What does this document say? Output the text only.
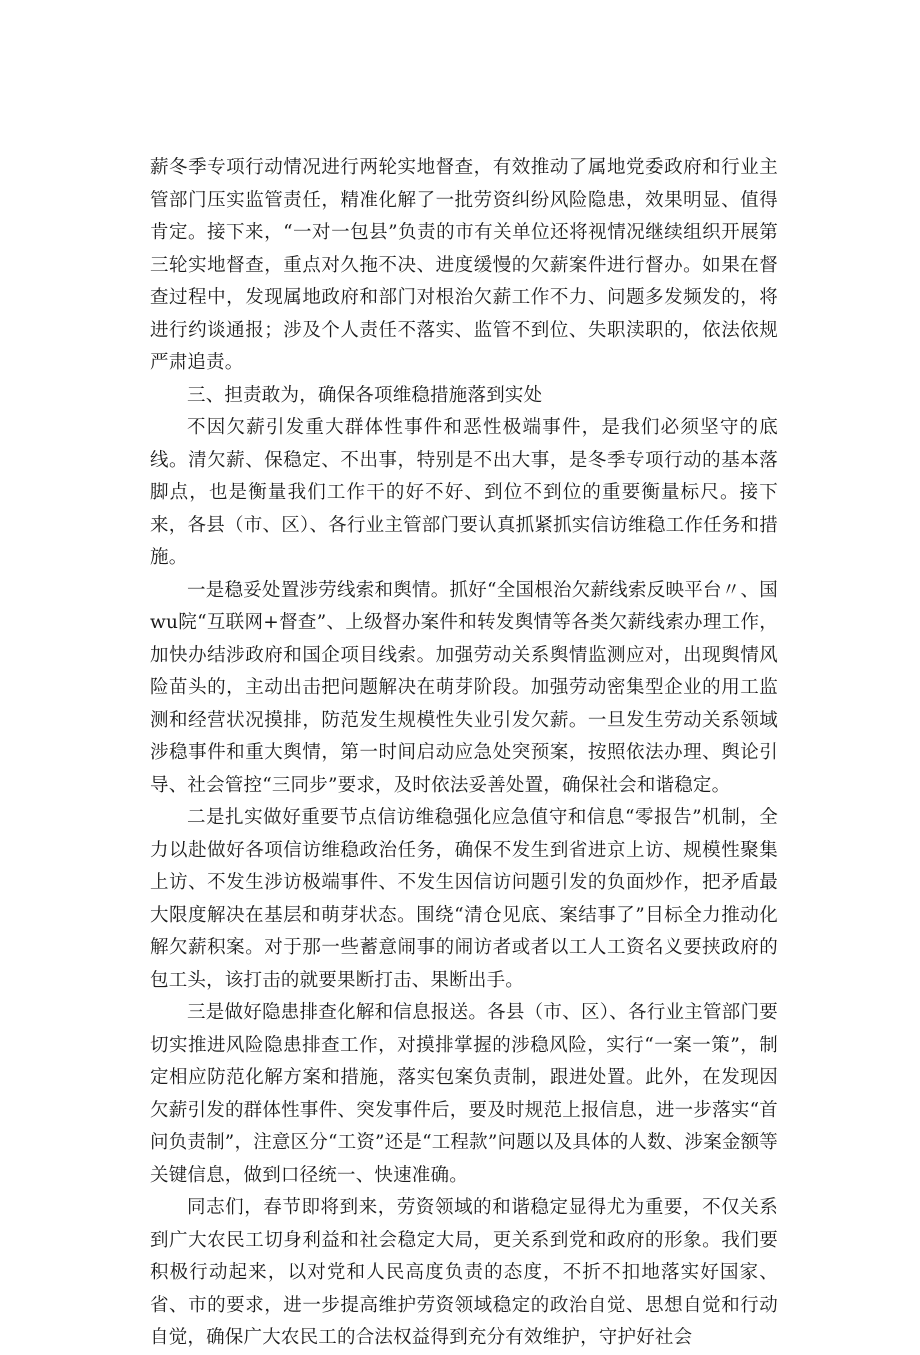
薪冬季专项行动情况进行两轮实地督查，有效推动了属地党委政府和行业主管部门压实监管责任，精准化解了一批劳资纠纷风险隐患，效果明显、值得肯定。接下来，“一对一包县”负责的市有关单位还将视情况继续组织开展第三轮实地督查，重点对久拖不决、进度缓慢的欠薪案件进行督办。如果在督查过程中，发现属地政府和部门对根治欠薪工作不力、问题多发频发的，将进行约谈通报；涉及个人责任不落实、监管不到位、失职渎职的，依法依规严肃追责。

三、担责敢为，确保各项维稳措施落到实处

不因欠薪引发重大群体性事件和恶性极端事件，是我们必须坚守的底线。清欠薪、保稳定、不出事，特别是不出大事，是冬季专项行动的基本落脚点，也是衡量我们工作干的好不好、到位不到位的重要衡量标尺。接下来，各县（市、区）、各行业主管部门要认真抓紧抓实信访维稳工作任务和措施。

一是稳妥处置涉劳线索和舆情。抓好“全国根治欠薪线索反映平台〃、国wu院“互联网+督查”、上级督办案件和转发舆情等各类欠薪线索办理工作，加快办结涉政府和国企项目线索。加强劳动关系舆情监测应对，出现舆情风险苗头的，主动出击把问题解决在萌芽阶段。加强劳动密集型企业的用工监测和经营状况摸排，防范发生规模性失业引发欠薪。一旦发生劳动关系领域涉稳事件和重大舆情，第一时间启动应急处突预案，按照依法办理、舆论引导、社会管控“三同步”要求，及时依法妥善处置，确保社会和谐稳定。

二是扎实做好重要节点信访维稳强化应急值守和信息“零报告”机制，全力以赴做好各项信访维稳政治任务，确保不发生到省进京上访、规模性聚集上访、不发生涉访极端事件、不发生因信访问题引发的负面炒作，把矛盾最大限度解决在基层和萌芽状态。围绕“清仓见底、案结事了”目标全力推动化解欠薪积案。对于那一些蓄意闹事的闹访者或者以工人工资名义要挟政府的包工头，该打击的就要果断打击、果断出手。

三是做好隐患排查化解和信息报送。各县（市、区）、各行业主管部门要切实推进风险隐患排查工作，对摸排掌握的涉稳风险，实行“一案一策”，制定相应防范化解方案和措施，落实包案负责制，跟进处置。此外，在发现因欠薪引发的群体性事件、突发事件后，要及时规范上报信息，进一步落实“首问负责制”，注意区分“工资”还是“工程款”问题以及具体的人数、涉案金额等关键信息，做到口径统一、快速准确。

同志们，春节即将到来，劳资领域的和谐稳定显得尤为重要，不仅关系到广大农民工切身利益和社会稳定大局，更关系到党和政府的形象。我们要积极行动起来，以对党和人民高度负责的态度，不折不扣地落实好国家、省、市的要求，进一步提高维护劳资领域稳定的政治自觉、思想自觉和行动自觉，确保广大农民工的合法权益得到充分有效维护，守护好社会
